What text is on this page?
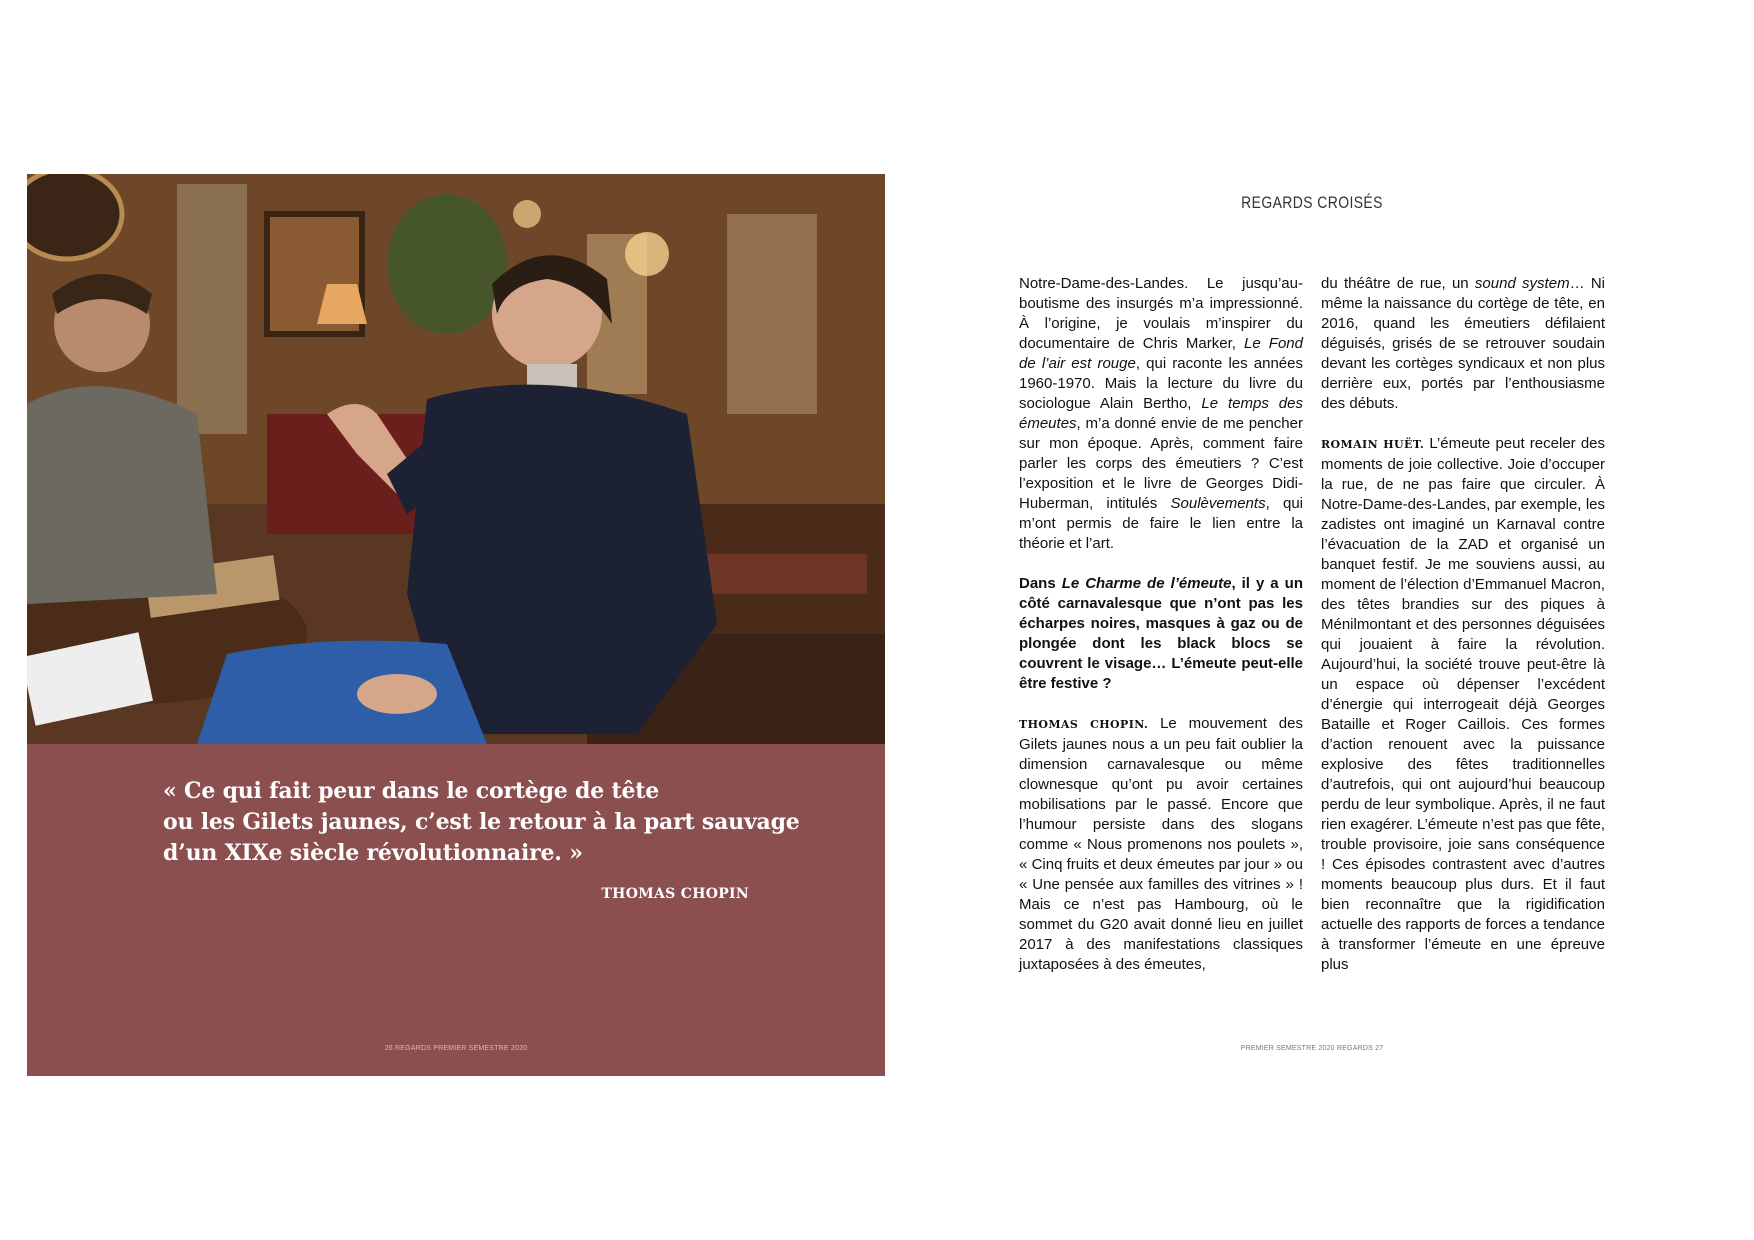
« Ce qui fait peur dans le cortège de tête
ou les Gilets jaunes, c’est le retour à la part sauvage
d’un XIXe siècle révolutionnaire. »
THOMAS CHOPIN
26 REGARDS PREMIER SEMESTRE 2020
REGARDS CROISÉS

Notre-Dame-des-Landes. Le jusqu’auboutisme des insurgés m’a impressionné. À l’origine, je voulais m’inspirer du documentaire de Chris Marker, Le Fond de l’air est rouge, qui raconte les années 1960-1970. Mais la lecture du livre du sociologue Alain Bertho, Le temps des émeutes, m’a donné envie de me pencher sur mon époque. Après, comment faire parler les corps des émeutiers ? C’est l’exposition et le livre de Georges Didi-Huberman, intitulés Soulèvements, qui m’ont permis de faire le lien entre la théorie et l’art.

Dans Le Charme de l’émeute, il y a un côté carnavalesque que n’ont pas les écharpes noires, masques à gaz ou de plongée dont les black blocs se couvrent le visage… L’émeute peut-elle être festive ?

THOMAS CHOPIN. Le mouvement des Gilets jaunes nous a un peu fait oublier la dimension carnavalesque ou même clownesque qu’ont pu avoir certaines mobilisations par le passé. Encore que l’humour persiste dans des slogans comme « Nous promenons nos poulets », « Cinq fruits et deux émeutes par jour » ou « Une pensée aux familles des vitrines » ! Mais ce n’est pas Hambourg, où le sommet du G20 avait donné lieu en juillet 2017 à des manifestations classiques juxtaposées à des émeutes,

du théâtre de rue, un sound system… Ni même la naissance du cortège de tête, en 2016, quand les émeutiers défilaient déguisés, grisés de se retrouver soudain devant les cortèges syndicaux et non plus derrière eux, portés par l’enthousiasme des débuts.

ROMAIN HUËT. L’émeute peut receler des moments de joie collective. Joie d’occuper la rue, de ne pas faire que circuler. À Notre-Dame-des-Landes, par exemple, les zadistes ont imaginé un Karnaval contre l’évacuation de la ZAD et organisé un banquet festif. Je me souviens aussi, au moment de l’élection d’Emmanuel Macron, des têtes brandies sur des piques à Ménilmontant et des personnes déguisées qui jouaient à faire la révolution. Aujourd’hui, la société trouve peut-être là un espace où dépenser l’excédent d’énergie qui interrogeait déjà Georges Bataille et Roger Caillois. Ces formes d’action renouent avec la puissance explosive des fêtes traditionnelles d’autrefois, qui ont aujourd’hui beaucoup perdu de leur symbolique. Après, il ne faut rien exagérer. L’émeute n’est pas que fête, trouble provisoire, joie sans conséquence ! Ces épisodes contrastent avec d’autres moments beaucoup plus durs. Et il faut bien reconnaître que la rigidification actuelle des rapports de forces a tendance à transformer l’émeute en une épreuve plus

PREMIER SEMESTRE 2020 REGARDS 27
